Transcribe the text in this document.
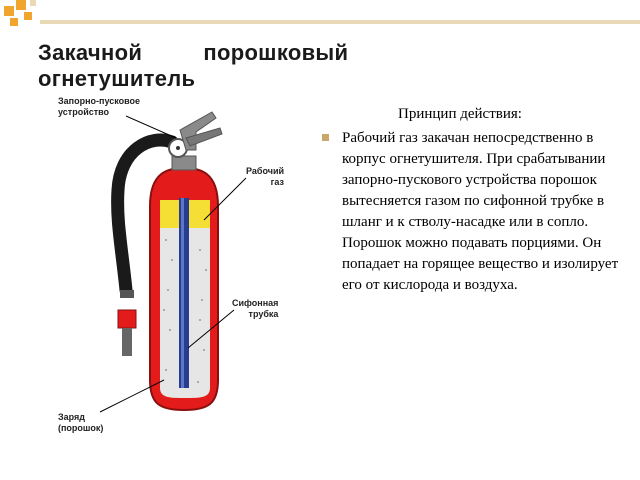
Закачной   порошковый огнетушитель
Принцип действия:
Рабочий газ закачан непосредственно в корпус огнетушителя. При срабатывании запорно-пускового устройства порошок вытесняется газом по сифонной трубке в шланг и к стволу-насадке или в сопло. Порошок можно подавать порциями. Он попадает на горящее вещество и изолирует его от кислорода и воздуха.
Запорно-пусковое
устройство
Рабочий
газ
Сифонная
трубка
Заряд
(порошок)
